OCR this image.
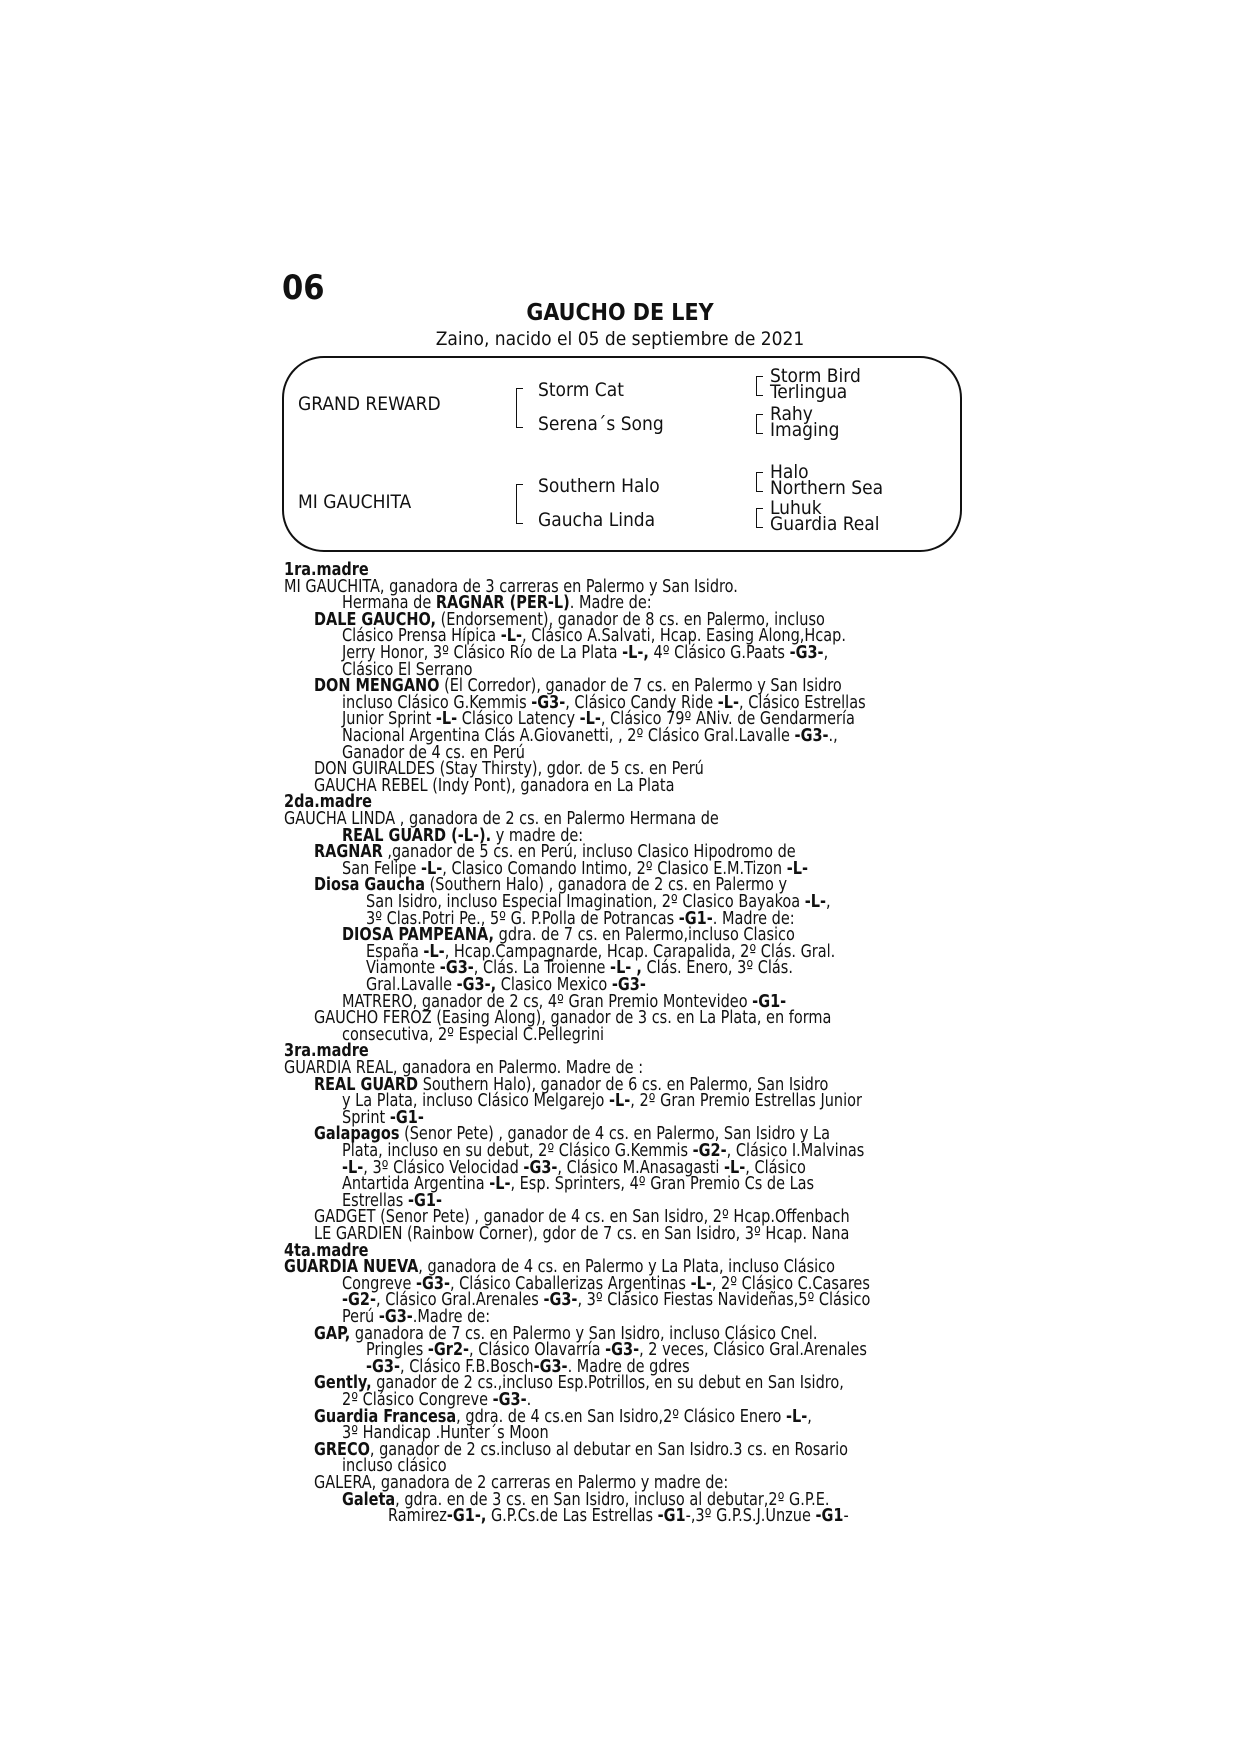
06
GAUCHO DE LEY
Zaino, nacido el 05 de septiembre de 2021
GRAND REWARD
MI GAUCHITA
Storm Cat
Serena´s Song
Southern Halo
Gaucha Linda
Storm Bird
Terlingua
Rahy
Imaging
Halo
Northern Sea
Luhuk
Guardia Real
1ra.madre
MI GAUCHITA, ganadora de 3 carreras en Palermo y San Isidro.
Hermana de RAGNAR (PER-L). Madre de:
DALE GAUCHO, (Endorsement), ganador de 8 cs. en Palermo, incluso
Clásico Prensa Hípica -L-, Clásico A.Salvati, Hcap. Easing Along,Hcap.
Jerry Honor, 3º Clásico Río de La Plata -L-, 4º Clásico G.Paats -G3-,
Clásico El Serrano
DON MENGANO (El Corredor), ganador de 7 cs. en Palermo y San Isidro
incluso Clásico G.Kemmis -G3-, Clásico Candy Ride -L-, Clásico Estrellas
Junior Sprint -L- Clásico Latency -L-, Clásico 79º ANiv. de Gendarmería
Nacional Argentina Clás A.Giovanetti, , 2º Clásico Gral.Lavalle -G3-.,
Ganador de 4 cs. en Perú
DON GUIRALDES (Stay Thirsty), gdor. de 5 cs. en Perú
GAUCHA REBEL (Indy Pont), ganadora en La Plata
2da.madre
GAUCHA LINDA , ganadora de 2 cs. en Palermo Hermana de
REAL GUARD (-L-). y madre de:
RAGNAR ,ganador de 5 cs. en Perú, incluso Clasico Hipodromo de
San Felipe -L-, Clasico Comando Intimo, 2º Clasico E.M.Tizon -L-
Diosa Gaucha (Southern Halo) , ganadora de 2 cs. en Palermo y
San Isidro, incluso Especial Imagination, 2º Clasico Bayakoa -L-,
3º Clas.Potri Pe., 5º G. P.Polla de Potrancas -G1-. Madre de:
DIOSA PAMPEANA, gdra. de 7 cs. en Palermo,incluso Clasico
España -L-, Hcap.Campagnarde, Hcap. Carapalida, 2º Clás. Gral.
Viamonte -G3-, Clás. La Troienne -L- , Clás. Enero, 3º Clás.
Gral.Lavalle -G3-, Clasico Mexico -G3-
MATRERO, ganador de 2 cs, 4º Gran Premio Montevideo -G1-
GAUCHO FEROZ (Easing Along), ganador de 3 cs. en La Plata, en forma
consecutiva, 2º Especial C.Pellegrini
3ra.madre
GUARDIA REAL, ganadora en Palermo. Madre de :
REAL GUARD Southern Halo), ganador de 6 cs. en Palermo, San Isidro
y La Plata, incluso Clásico Melgarejo -L-, 2º Gran Premio Estrellas Junior
Sprint -G1-
Galapagos (Senor Pete) , ganador de 4 cs. en Palermo, San Isidro y La
Plata, incluso en su debut, 2º Clásico G.Kemmis -G2-, Clásico I.Malvinas
-L-, 3º Clásico Velocidad -G3-, Clásico M.Anasagasti -L-, Clásico
Antartida Argentina -L-, Esp. Sprinters, 4º Gran Premio Cs de Las
Estrellas -G1-
GADGET (Senor Pete) , ganador de 4 cs. en San Isidro, 2º Hcap.Offenbach
LE GARDIEN (Rainbow Corner), gdor de 7 cs. en San Isidro, 3º Hcap. Nana
4ta.madre
GUARDIA NUEVA, ganadora de 4 cs. en Palermo y La Plata, incluso Clásico
Congreve -G3-, Clásico Caballerizas Argentinas -L-, 2º Clásico C.Casares
-G2-, Clásico Gral.Arenales -G3-, 3º Clásico Fiestas Navideñas,5º Clásico
Perú -G3-.Madre de:
GAP, ganadora de 7 cs. en Palermo y San Isidro, incluso Clásico Cnel.
Pringles -Gr2-, Clásico Olavarría -G3-, 2 veces, Clásico Gral.Arenales
-G3-, Clásico F.B.Bosch-G3-. Madre de gdres
Gently, ganador de 2 cs.,incluso Esp.Potrillos, en su debut en San Isidro,
2º Clásico Congreve -G3-.
Guardia Francesa, gdra. de 4 cs.en San Isidro,2º Clásico Enero -L-,
3º Handicap .Hunter´s Moon
GRECO, ganador de 2 cs.incluso al debutar en San Isidro.3 cs. en Rosario
incluso clásico
GALERA, ganadora de 2 carreras en Palermo y madre de:
Galeta, gdra. en de 3 cs. en San Isidro, incluso al debutar,2º G.P.E.
Ramirez-G1-, G.P.Cs.de Las Estrellas -G1-,3º G.P.S.J.Unzue -G1-
